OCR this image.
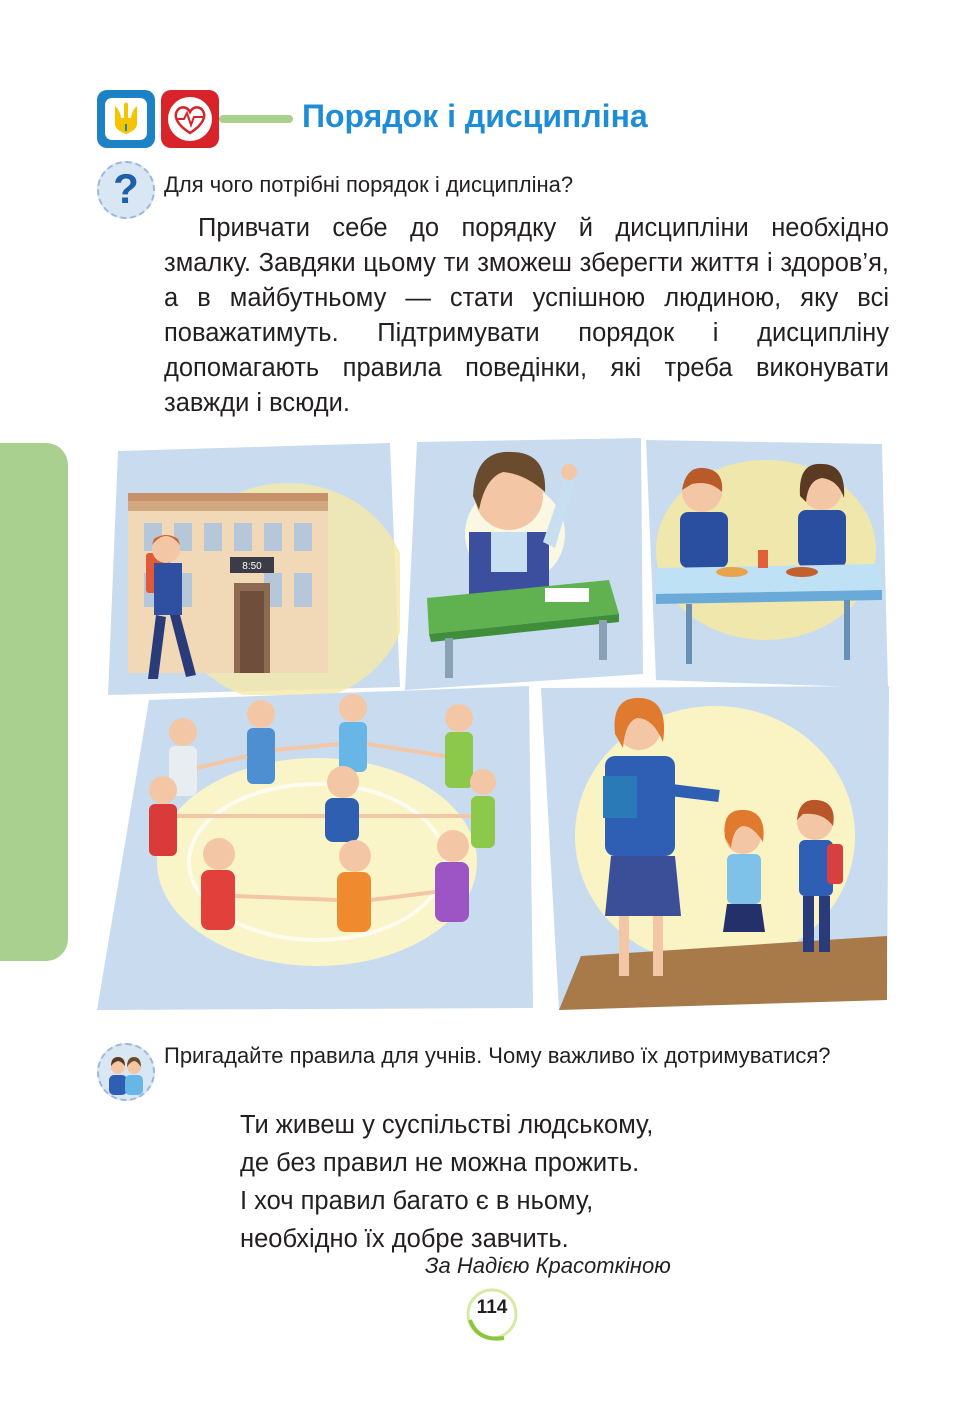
Порядок і дисципліна
?	Для чого потрібні порядок і дисципліна?
Привчати себе до порядку й дисципліни необхідно змалку. Завдяки цьому ти зможеш зберегти життя і здоров’я, а в майбутньому — стати успішною людиною, яку всі поважатимуть. Підтримувати порядок і дисципліну допомагають правила поведінки, які треба виконувати завжди і всюди.
8:50
Пригадайте правила для учнів. Чому важливо їх дотримуватися?
Ти живеш у суспільстві людському,
де без правил не можна прожить.
І хоч правил багато є в ньому,
необхідно їх добре завчить.
За Надією Красоткіною
114
